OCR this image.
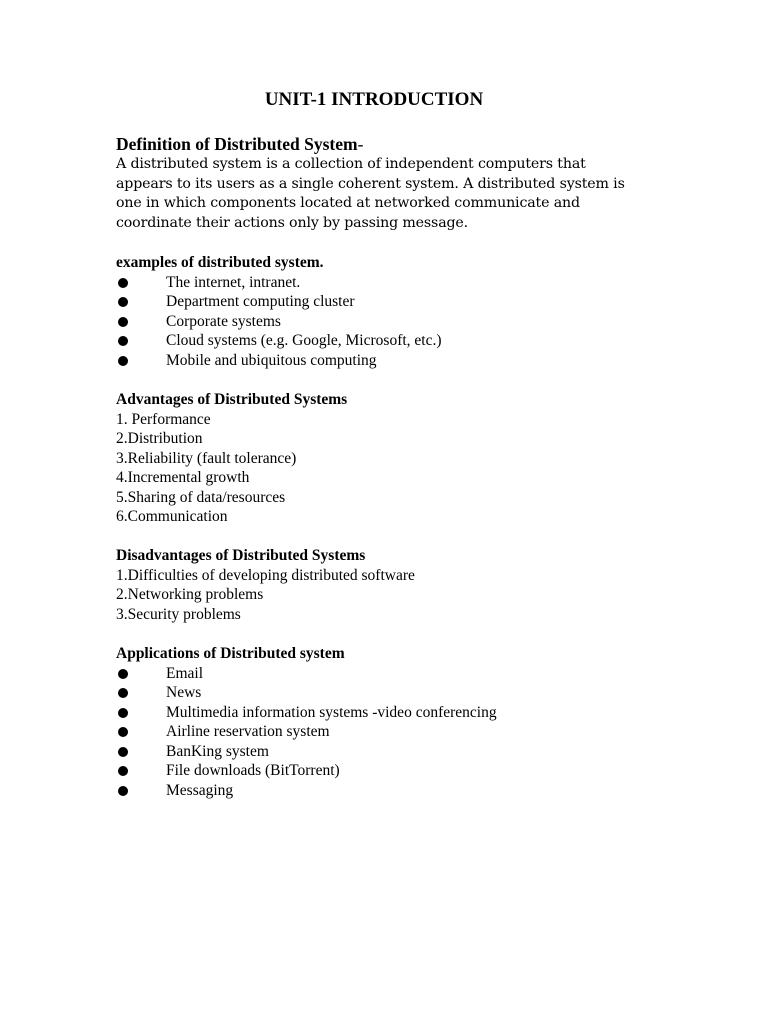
UNIT-1 INTRODUCTION
Definition of Distributed System-

A distributed system is a collection of independent computers that

appears to its users as a single coherent system. A distributed system is

one in which components located at networked communicate and

coordinate their actions only by passing message.

examples of distributed system.
The internet, intranet.
Department computing cluster
Corporate systems
Cloud systems (e.g. Google, Microsoft, etc.)
Mobile and ubiquitous computing
Advantages of Distributed Systems
1. Performance
2.Distribution
3.Reliability (fault tolerance)
4.Incremental growth
5.Sharing of data/resources
6.Communication
Disadvantages of Distributed Systems
1.Difficulties of developing distributed software
2.Networking problems
3.Security problems
Applications of Distributed system
Email
News
Multimedia information systems -video conferencing
Airline reservation system
BanKing system
File downloads (BitTorrent)
Messaging
